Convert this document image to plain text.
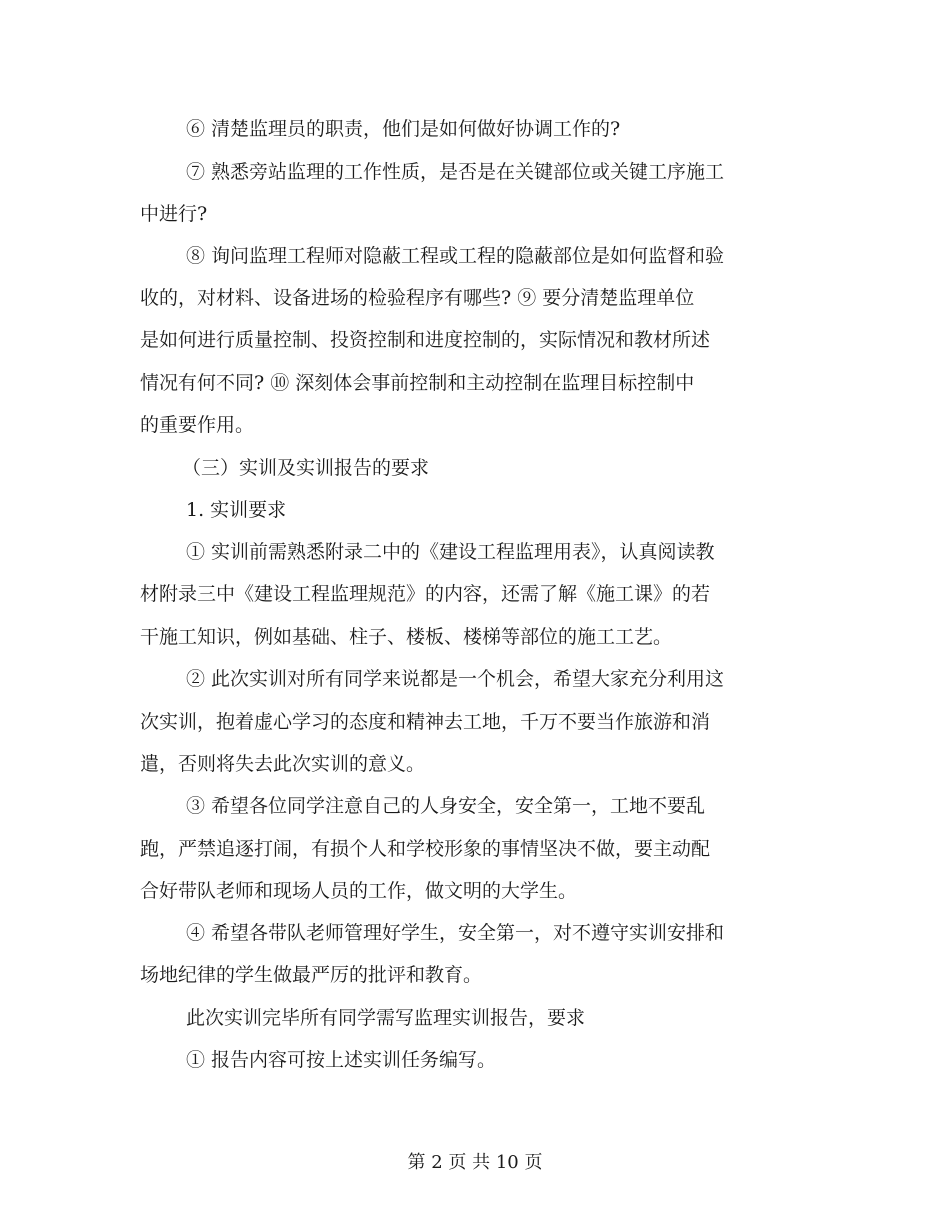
⑥ 清楚监理员的职责，他们是如何做好协调工作的?
⑦ 熟悉旁站监理的工作性质，是否是在关键部位或关键工序施工
中进行?
⑧ 询问监理工程师对隐蔽工程或工程的隐蔽部位是如何监督和验
收的，对材料、设备进场的检验程序有哪些? ⑨ 要分清楚监理单位
是如何进行质量控制、投资控制和进度控制的，实际情况和教材所述
情况有何不同? ⑩ 深刻体会事前控制和主动控制在监理目标控制中
的重要作用。
（三）实训及实训报告的要求
1. 实训要求
① 实训前需熟悉附录二中的《建设工程监理用表》，认真阅读教
材附录三中《建设工程监理规范》的内容，还需了解《施工课》的若
干施工知识，例如基础、柱子、楼板、楼梯等部位的施工工艺。
② 此次实训对所有同学来说都是一个机会，希望大家充分利用这
次实训，抱着虚心学习的态度和精神去工地，千万不要当作旅游和消
遣，否则将失去此次实训的意义。
③ 希望各位同学注意自己的人身安全，安全第一，工地不要乱
跑，严禁追逐打闹，有损个人和学校形象的事情坚决不做，要主动配
合好带队老师和现场人员的工作，做文明的大学生。
④ 希望各带队老师管理好学生，安全第一，对不遵守实训安排和
场地纪律的学生做最严厉的批评和教育。
此次实训完毕所有同学需写监理实训报告，要求
① 报告内容可按上述实训任务编写。
第 2 页 共 10 页
